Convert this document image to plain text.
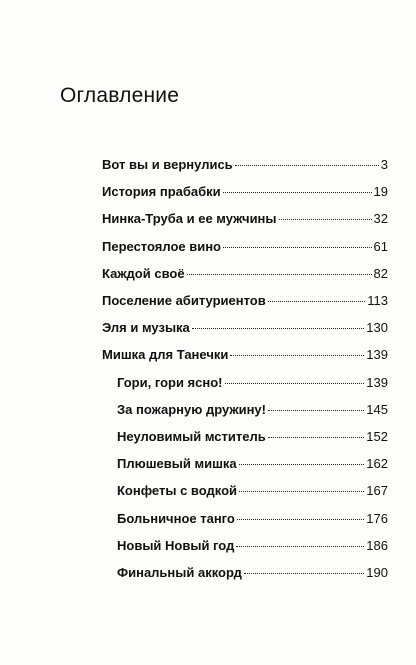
Оглавление
Вот вы и вернулись	3
История прабабки	19
Нинка-Труба и ее мужчины	32
Перестоялое вино	61
Каждой своё	82
Поселение абитуриентов	113
Эля и музыка	130
Мишка для Танечки	139
Гори, гори ясно!	139
За пожарную дружину!	145
Неуловимый мститель	152
Плюшевый мишка	162
Конфеты с водкой	167
Больничное танго	176
Новый Новый год	186
Финальный аккорд	190
